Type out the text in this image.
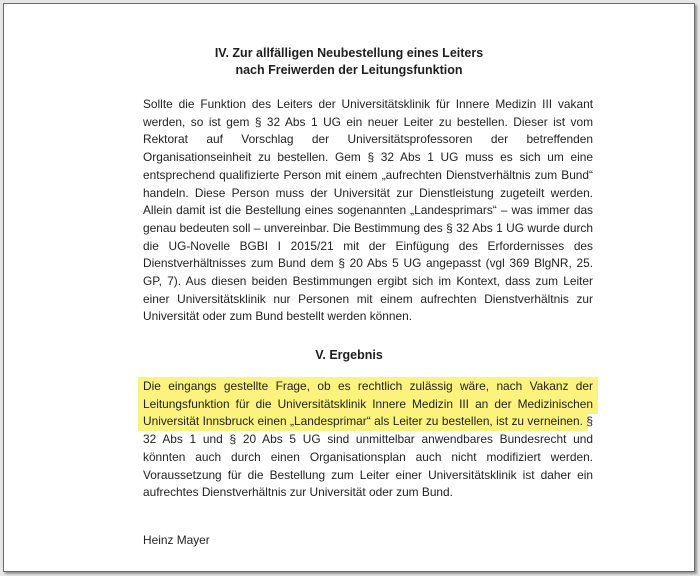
IV. Zur allfälligen Neubestellung eines Leiters
nach Freiwerden der Leitungsfunktion

Sollte die Funktion des Leiters der Universitätsklinik für Innere Medizin III vakant werden, so ist gem § 32 Abs 1 UG ein neuer Leiter zu bestellen. Dieser ist vom Rektorat auf Vorschlag der Universitätsprofessoren der betreffenden Organisationseinheit zu bestellen. Gem § 32 Abs 1 UG muss es sich um eine entsprechend qualifizierte Person mit einem „aufrechten Dienstverhältnis zum Bund“ handeln. Diese Person muss der Universität zur Dienstleistung zugeteilt werden. Allein damit ist die Bestellung eines sogenannten „Landesprimars“ – was immer das genau bedeuten soll – unvereinbar. Die Bestimmung des § 32 Abs 1 UG wurde durch die UG-Novelle BGBI I 2015/21 mit der Einfügung des Erfordernisses des Dienstverhältnisses zum Bund dem § 20 Abs 5 UG angepasst (vgl 369 BlgNR, 25. GP, 7). Aus diesen beiden Bestimmungen ergibt sich im Kontext, dass zum Leiter einer Universitätsklinik nur Personen mit einem aufrechten Dienstverhältnis zur Universität oder zum Bund bestellt werden können.

V. Ergebnis

Die eingangs gestellte Frage, ob es rechtlich zulässig wäre, nach Vakanz der Leitungsfunktion für die Universitätsklinik Innere Medizin III an der Medizinischen Universität Innsbruck einen „Landesprimar“ als Leiter zu bestellen, ist zu verneinen. § 32 Abs 1 und § 20 Abs 5 UG sind unmittelbar anwendbares Bundesrecht und könnten auch durch einen Organisationsplan auch nicht modifiziert werden. Voraussetzung für die Bestellung zum Leiter einer Universitätsklinik ist daher ein aufrechtes Dienstverhältnis zur Universität oder zum Bund.

Heinz Mayer
